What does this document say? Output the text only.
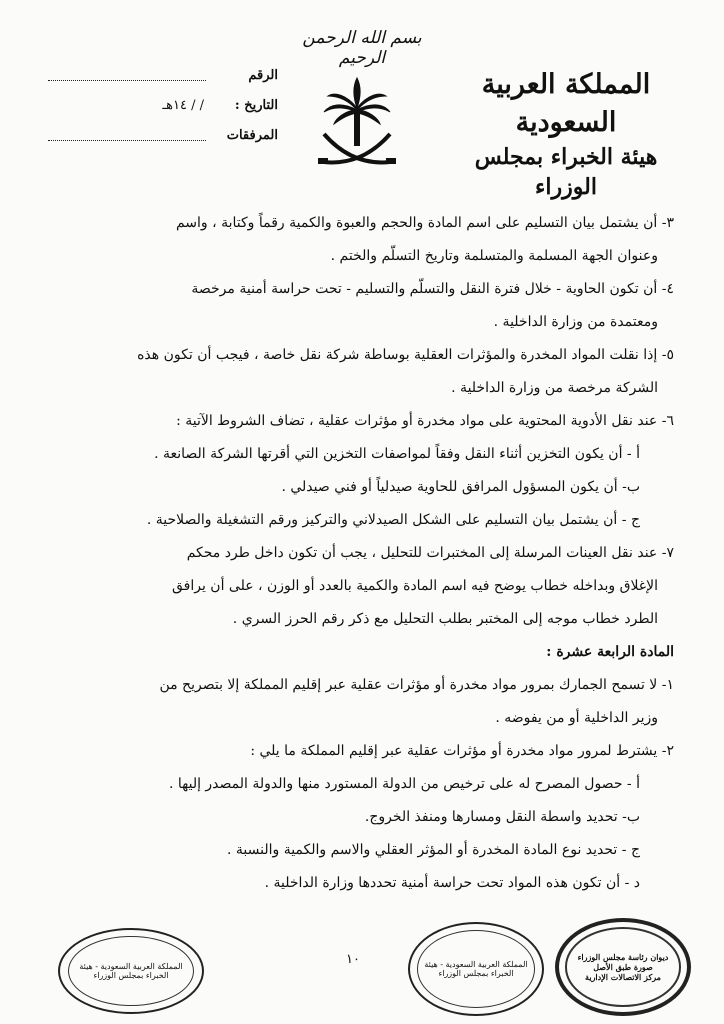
المملكة العربية السعودية
هيئة الخبراء بمجلس الوزراء
بسم الله الرحمن الرحيم
الرقم
التاريخ :
/ / ١٤هـ
المرفقات

٣- أن يشتمل بيان التسليم على اسم المادة والحجم والعبوة والكمية رقماً وكتابة ، واسم

وعنوان الجهة المسلمة والمتسلمة وتاريخ التسلّم والختم .

٤- أن تكون الحاوية - خلال فترة النقل والتسلّم والتسليم - تحت حراسة أمنية مرخصة

ومعتمدة من وزارة الداخلية .

٥- إذا نقلت المواد المخدرة والمؤثرات العقلية بوساطة شركة نقل خاصة ، فيجب أن تكون هذه

الشركة مرخصة من وزارة الداخلية .

٦- عند نقل الأدوية المحتوية على مواد مخدرة أو مؤثرات عقلية ، تضاف الشروط الآتية :

أ - أن يكون التخزين أثناء النقل وفقاً لمواصفات التخزين التي أقرتها الشركة الصانعة .

ب- أن يكون المسؤول المرافق للحاوية صيدلياً أو فني صيدلي .

ج - أن يشتمل بيان التسليم على الشكل الصيدلاني والتركيز ورقم التشغيلة والصلاحية .

٧- عند نقل العينات المرسلة إلى المختبرات للتحليل ، يجب أن تكون داخل طرد محكم

الإغلاق وبداخله خطاب يوضح فيه اسم المادة والكمية بالعدد أو الوزن ، على أن يرافق

الطرد خطاب موجه إلى المختبر بطلب التحليل مع ذكر رقم الحرز السري .

المادة الرابعة عشرة :

١- لا تسمح الجمارك بمرور مواد مخدرة أو مؤثرات عقلية عبر إقليم المملكة إلا بتصريح من

وزير الداخلية أو من يفوضه .

٢- يشترط لمرور مواد مخدرة أو مؤثرات عقلية عبر إقليم المملكة ما يلي :

أ - حصول المصرح له على ترخيص من الدولة المستورد منها والدولة المصدر إليها .

ب- تحديد واسطة النقل ومسارها ومنفذ الخروج.

ج - تحديد نوع المادة المخدرة أو المؤثر العقلي والاسم والكمية والنسبة .

د - أن تكون هذه المواد تحت حراسة أمنية تحددها وزارة الداخلية .

١٠
المملكة العربية السعودية - هيئة الخبراء بمجلس الوزراء
المملكة العربية السعودية - هيئة الخبراء بمجلس الوزراء
ديوان رئاسة مجلس الوزراء
صورة طبق الأصل
مركز الاتصالات الإدارية
